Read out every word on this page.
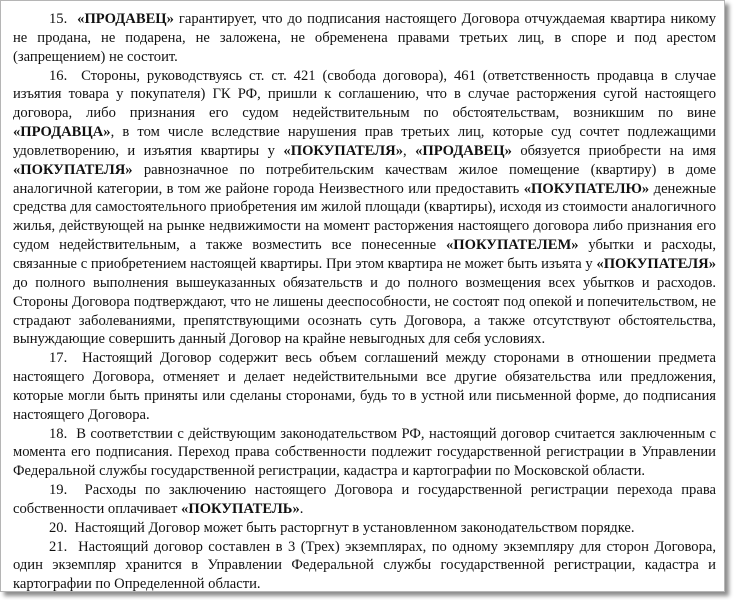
15. «ПРОДАВЕЦ» гарантирует, что до подписания настоящего Договора отчуждаемая квартира никому не продана, не подарена, не заложена, не обременена правами третьих лиц, в споре и под арестом (запрещением) не состоит.

16. Стороны, руководствуясь ст. ст. 421 (свобода договора), 461 (ответственность продавца в случае изъятия товара у покупателя) ГК РФ, пришли к соглашению, что в случае расторжения сугой настоящего договора, либо признания его судом недействительным по обстоятельствам, возникшим по вине «ПРОДАВЦА», в том числе вследствие нарушения прав третьих лиц, которые суд сочтет подлежащими удовлетворению, и изъятия квартиры у «ПОКУПАТЕЛЯ», «ПРОДАВЕЦ» обязуется приобрести на имя «ПОКУПАТЕЛЯ» равнозначное по потребительским качествам жилое помещение (квартиру) в доме аналогичной категории, в том же районе города Неизвестного или предоставить «ПОКУПАТЕЛЮ» денежные средства для самостоятельного приобретения им жилой площади (квартиры), исходя из стоимости аналогичного жилья, действующей на рынке недвижимости на момент расторжения настоящего договора либо признания его судом недействительным, а также возместить все понесенные «ПОКУПАТЕЛЕМ» убытки и расходы, связанные с приобретением настоящей квартиры. При этом квартира не может быть изъята у «ПОКУПАТЕЛЯ» до полного выполнения вышеуказанных обязательств и до полного возмещения всех убытков и расходов. Стороны Договора подтверждают, что не лишены дееспособности, не состоят под опекой и попечительством, не страдают заболеваниями, препятствующими осознать суть Договора, а также отсутствуют обстоятельства, вынуждающие совершить данный Договор на крайне невыгодных для себя условиях.

17. Настоящий Договор содержит весь объем соглашений между сторонами в отношении предмета настоящего Договора, отменяет и делает недействительными все другие обязательства или предложения, которые могли быть приняты или сделаны сторонами, будь то в устной или письменной форме, до подписания настоящего Договора.

18. В соответствии с действующим законодательством РФ, настоящий договор считается заключенным с момента его подписания. Переход права собственности подлежит государственной регистрации в Управлении Федеральной службы государственной регистрации, кадастра и картографии по Московской области.

19. Расходы по заключению настоящего Договора и государственной регистрации перехода права собственности оплачивает «ПОКУПАТЕЛЬ».

20. Настоящий Договор может быть расторгнут в установленном законодательством порядке.

21. Настоящий договор составлен в 3 (Трех) экземплярах, по одному экземпляру для сторон Договора, один экземпляр хранится в Управлении Федеральной службы государственной регистрации, кадастра и картографии по Определенной области.
